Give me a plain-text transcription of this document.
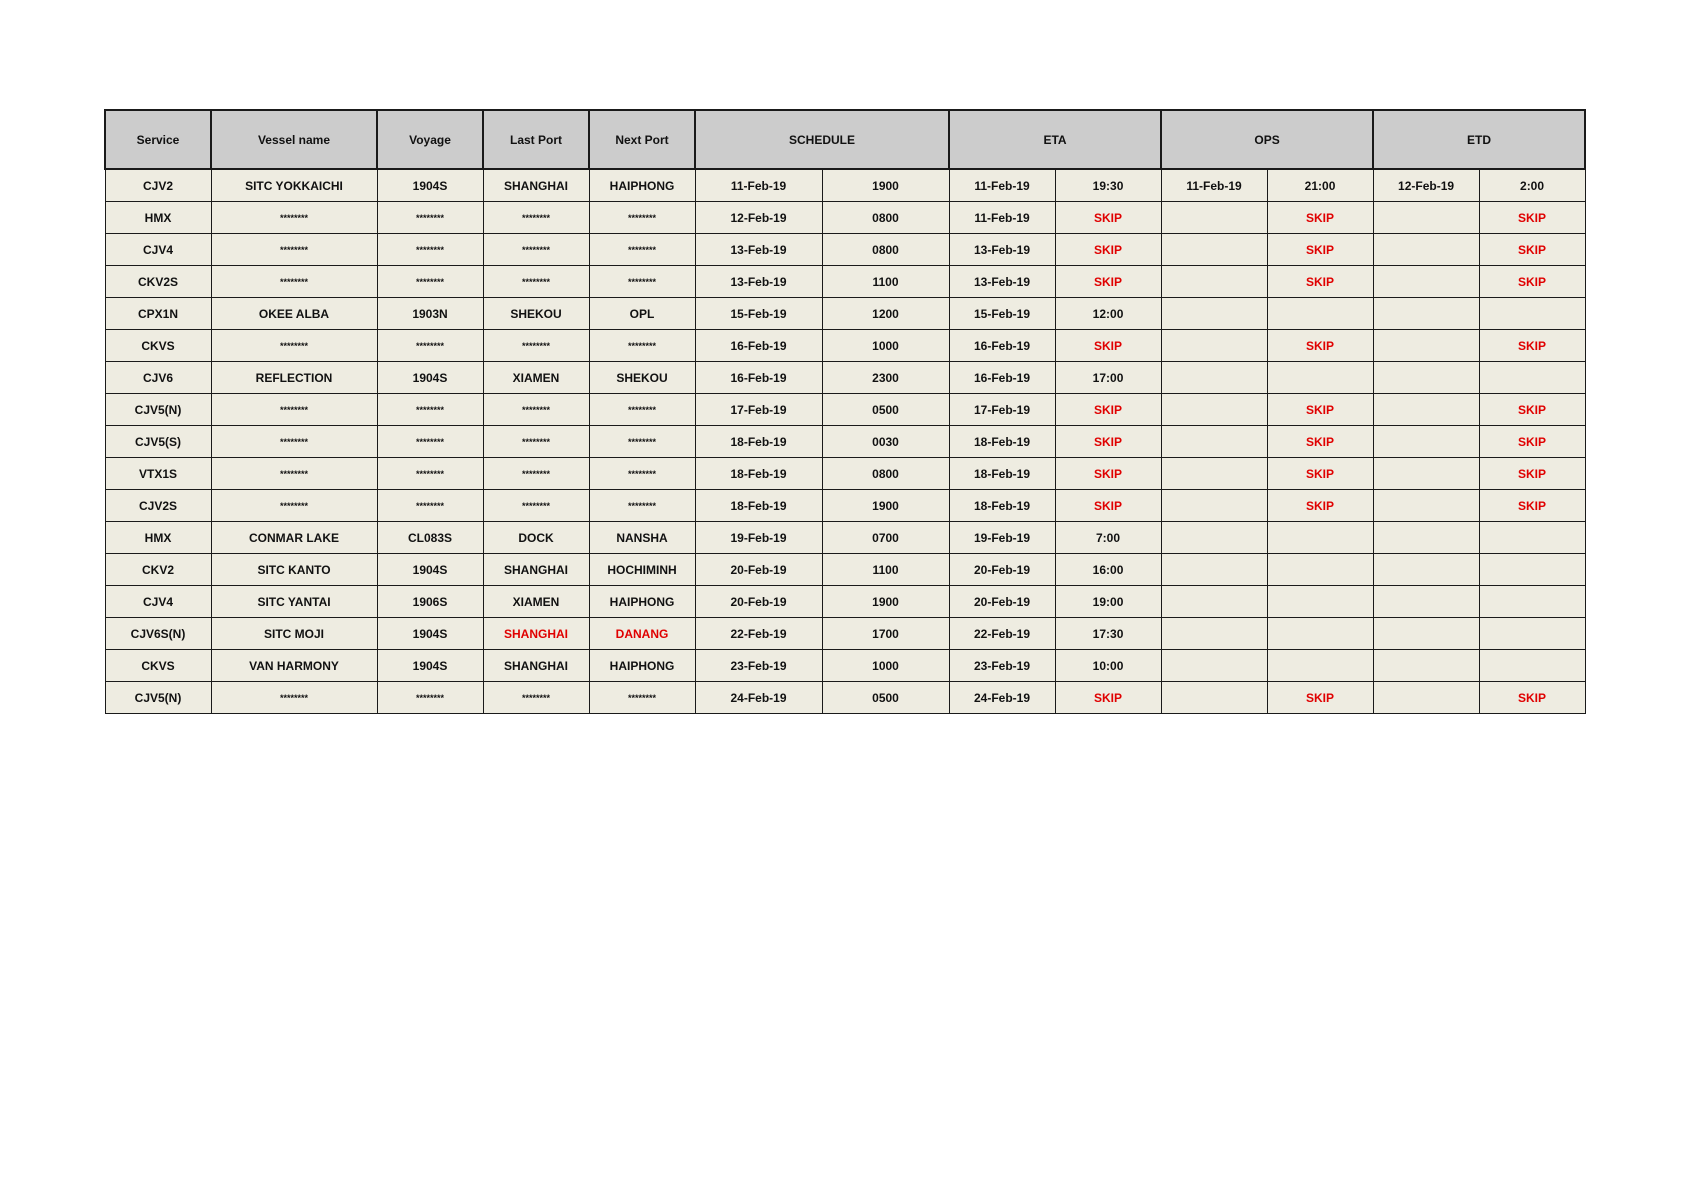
Service	Vessel name	Voyage	Last Port	Next Port	SCHEDULE		ETA		OPS		ETD	
CJV2	SITC YOKKAICHI	1904S	SHANGHAI	HAIPHONG	11-Feb-19	1900	11-Feb-19	19:30	11-Feb-19	21:00	12-Feb-19	2:00
HMX	********	********	********	********	12-Feb-19	0800	11-Feb-19	SKIP		SKIP		SKIP
CJV4	********	********	********	********	13-Feb-19	0800	13-Feb-19	SKIP		SKIP		SKIP
CKV2S	********	********	********	********	13-Feb-19	1100	13-Feb-19	SKIP		SKIP		SKIP
CPX1N	OKEE ALBA	1903N	SHEKOU	OPL	15-Feb-19	1200	15-Feb-19	12:00				
CKVS	********	********	********	********	16-Feb-19	1000	16-Feb-19	SKIP		SKIP		SKIP
CJV6	REFLECTION	1904S	XIAMEN	SHEKOU	16-Feb-19	2300	16-Feb-19	17:00				
CJV5(N)	********	********	********	********	17-Feb-19	0500	17-Feb-19	SKIP		SKIP		SKIP
CJV5(S)	********	********	********	********	18-Feb-19	0030	18-Feb-19	SKIP		SKIP		SKIP
VTX1S	********	********	********	********	18-Feb-19	0800	18-Feb-19	SKIP		SKIP		SKIP
CJV2S	********	********	********	********	18-Feb-19	1900	18-Feb-19	SKIP		SKIP		SKIP
HMX	CONMAR LAKE	CL083S	DOCK	NANSHA	19-Feb-19	0700	19-Feb-19	7:00				
CKV2	SITC KANTO	1904S	SHANGHAI	HOCHIMINH	20-Feb-19	1100	20-Feb-19	16:00				
CJV4	SITC YANTAI	1906S	XIAMEN	HAIPHONG	20-Feb-19	1900	20-Feb-19	19:00				
CJV6S(N)	SITC MOJI	1904S	SHANGHAI	DANANG	22-Feb-19	1700	22-Feb-19	17:30				
CKVS	VAN HARMONY	1904S	SHANGHAI	HAIPHONG	23-Feb-19	1000	23-Feb-19	10:00				
CJV5(N)	********	********	********	********	24-Feb-19	0500	24-Feb-19	SKIP		SKIP		SKIP
